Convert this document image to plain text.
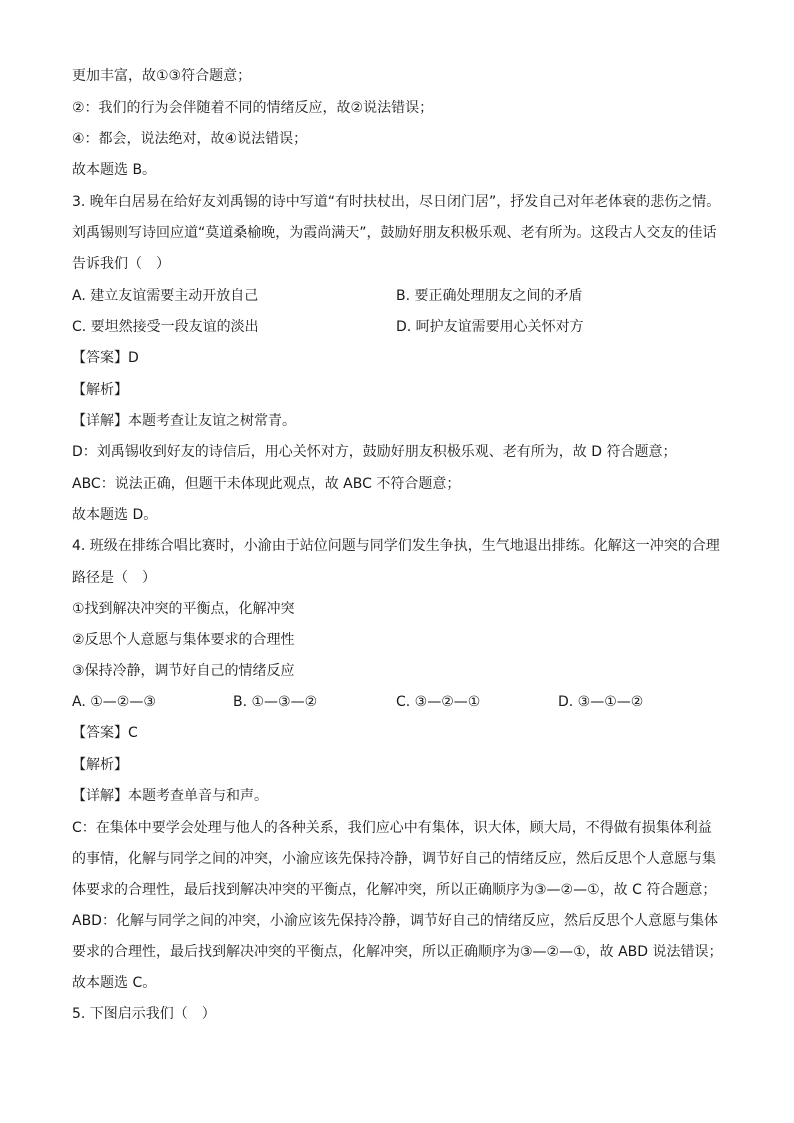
更加丰富，故①③符合题意；
②：我们的行为会伴随着不同的情绪反应，故②说法错误；
④：都会，说法绝对，故④说法错误；
故本题选 B。
3. 晚年白居易在给好友刘禹锡的诗中写道“有时扶杖出，尽日闭门居”，抒发自己对年老体衰的悲伤之情。
刘禹锡则写诗回应道“莫道桑榆晚，为霞尚满天”，鼓励好朋友积极乐观、老有所为。这段古人交友的佳话
告诉我们（　）
A. 建立友谊需要主动开放自己	B. 要正确处理朋友之间的矛盾
C. 要坦然接受一段友谊的淡出	D. 呵护友谊需要用心关怀对方
【答案】D
【解析】
【详解】本题考查让友谊之树常青。
D：刘禹锡收到好友的诗信后，用心关怀对方，鼓励好朋友积极乐观、老有所为，故 D 符合题意；
ABC：说法正确，但题干未体现此观点，故 ABC 不符合题意；
故本题选 D。
4. 班级在排练合唱比赛时，小渝由于站位问题与同学们发生争执，生气地退出排练。化解这一冲突的合理
路径是（　）
①找到解决冲突的平衡点，化解冲突
②反思个人意愿与集体要求的合理性
③保持冷静，调节好自己的情绪反应
A. ①—②—③	B. ①—③—②	C. ③—②—①	D. ③—①—②
【答案】C
【解析】
【详解】本题考查单音与和声。
C：在集体中要学会处理与他人的各种关系，我们应心中有集体，识大体，顾大局，不得做有损集体利益
的事情，化解与同学之间的冲突，小渝应该先保持冷静，调节好自己的情绪反应，然后反思个人意愿与集
体要求的合理性，最后找到解决冲突的平衡点，化解冲突，所以正确顺序为③—②—①，故 C 符合题意；
ABD：化解与同学之间的冲突，小渝应该先保持冷静，调节好自己的情绪反应，然后反思个人意愿与集体
要求的合理性，最后找到解决冲突的平衡点，化解冲突，所以正确顺序为③—②—①，故 ABD 说法错误；
故本题选 C。
5. 下图启示我们（　）
